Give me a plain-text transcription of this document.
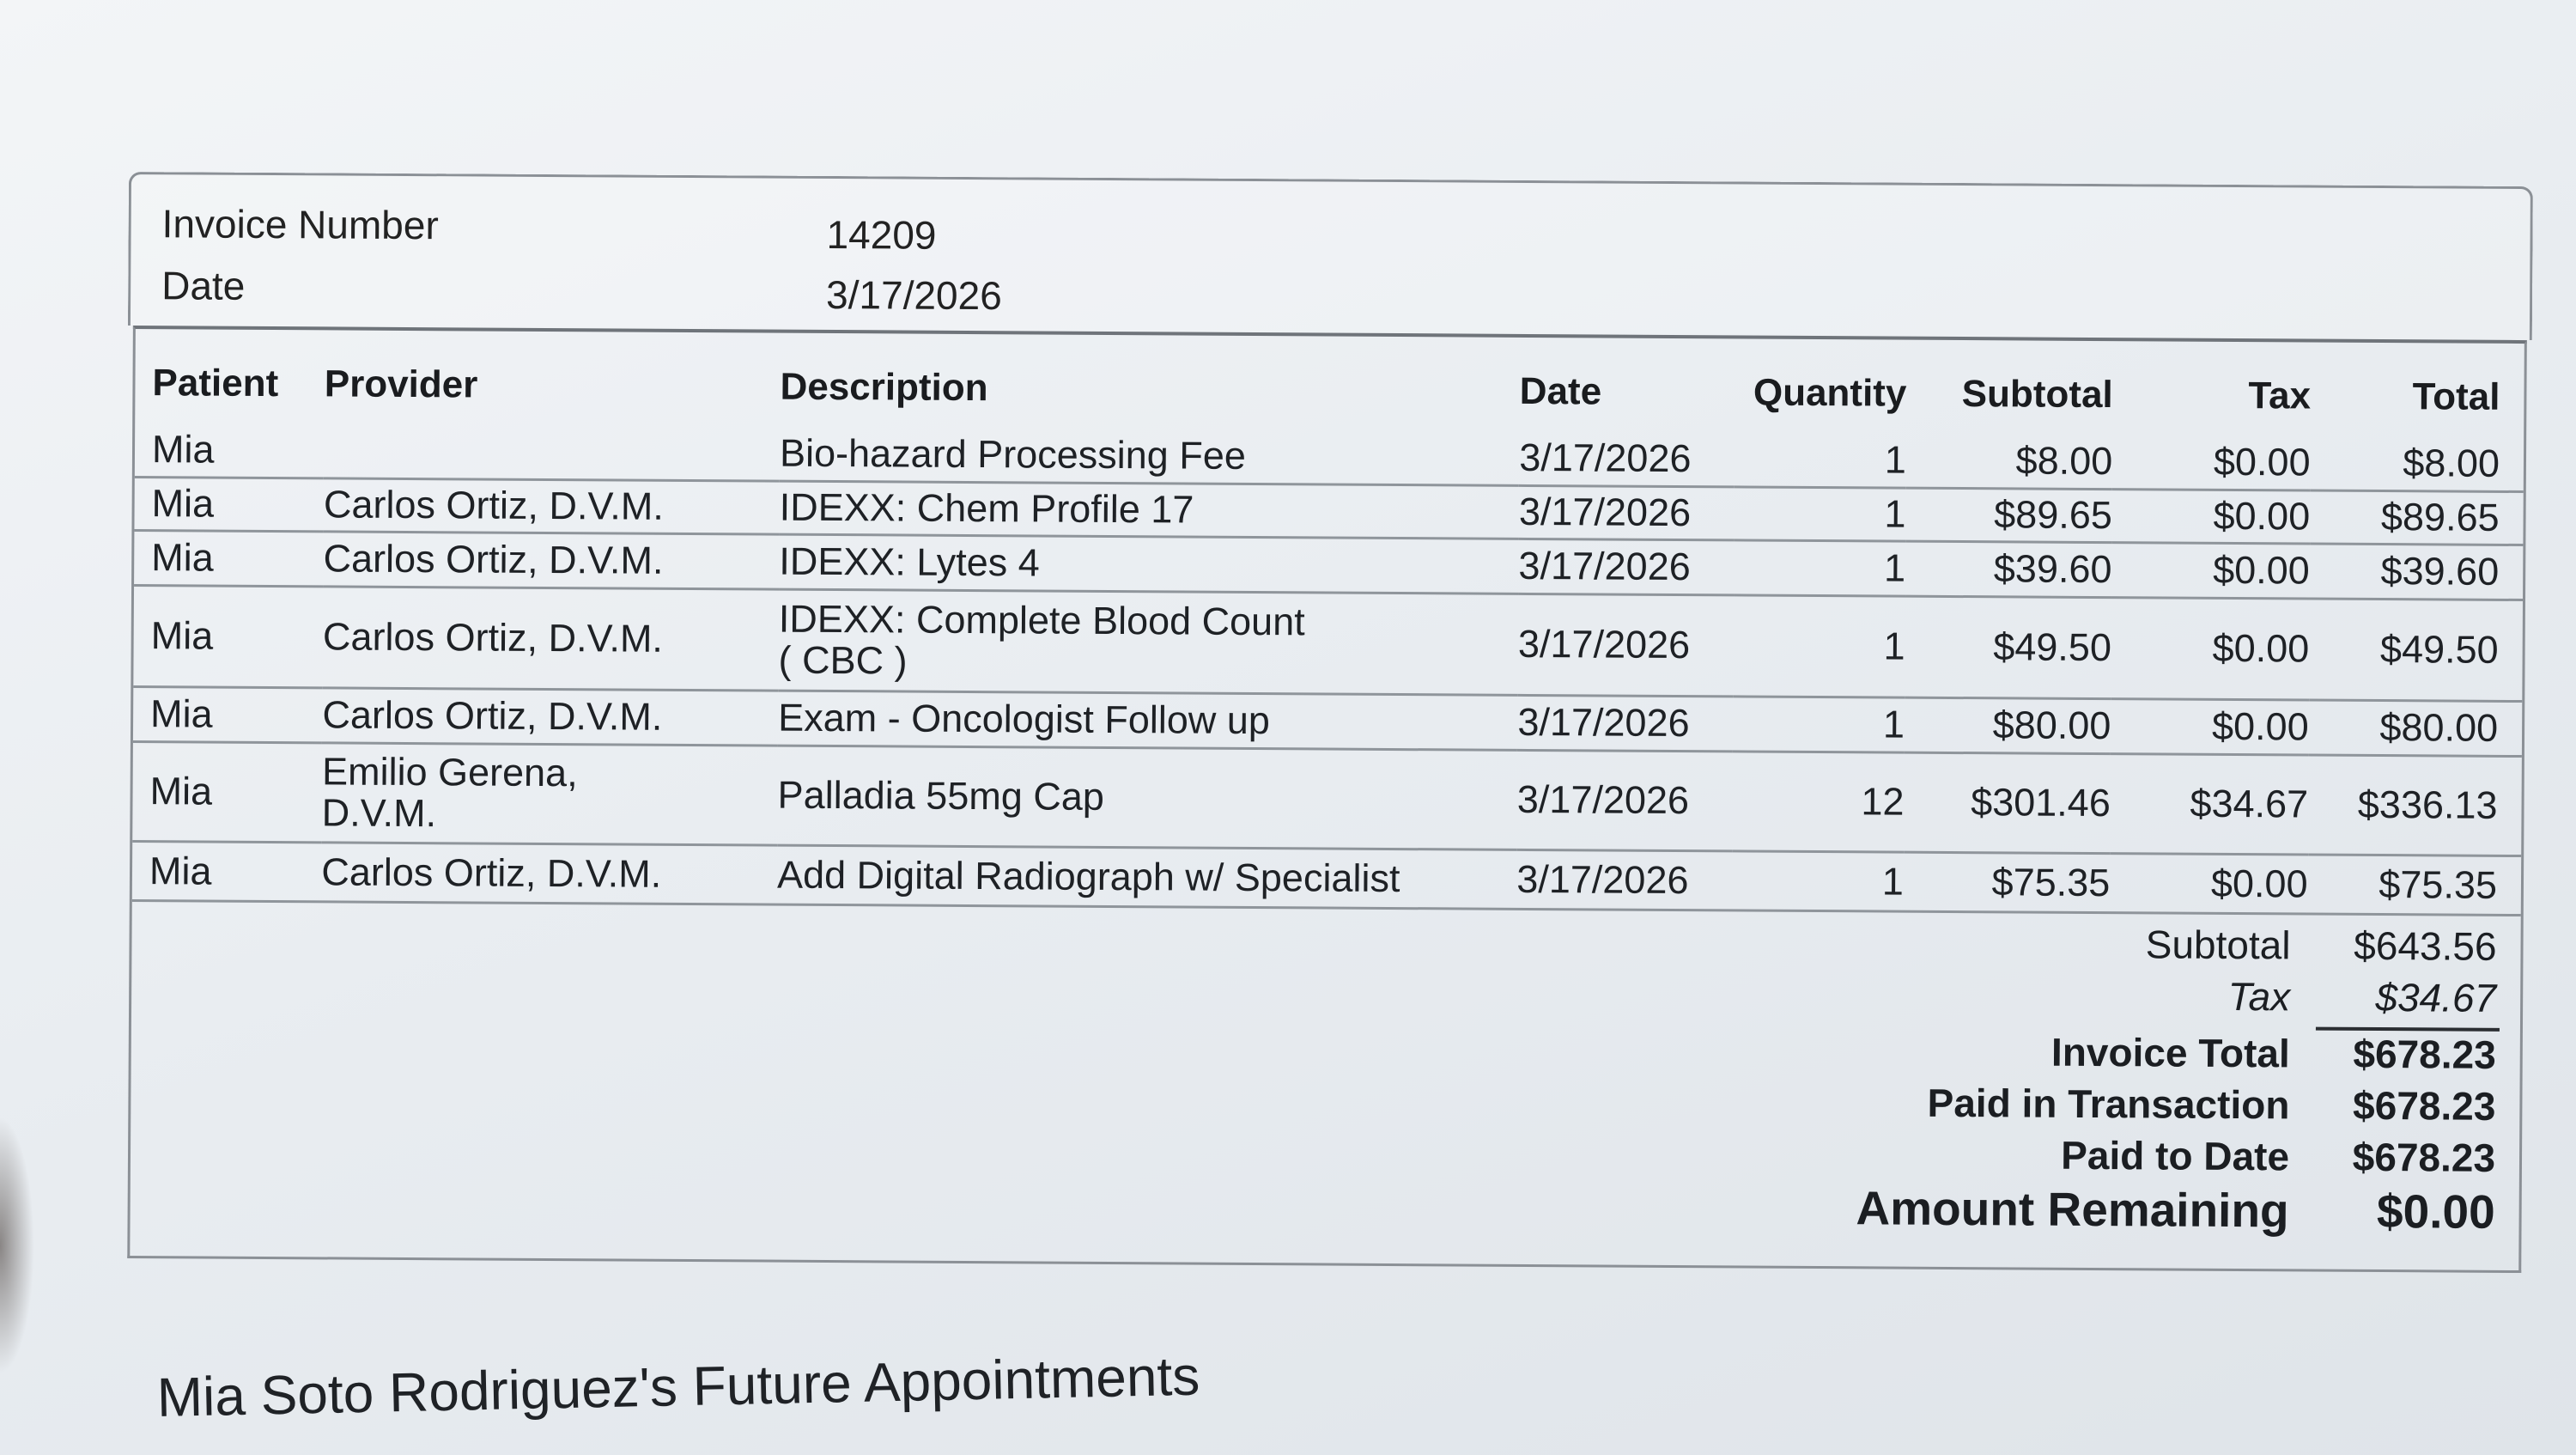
Invoice Number	14209
Date	3/17/2026
Patient	Provider	Description	Date	Quantity	Subtotal	Tax	Total
Mia		Bio-hazard Processing Fee	3/17/2026	1	$8.00	$0.00	$8.00
Mia	Carlos Ortiz, D.V.M.	IDEXX: Chem Profile 17	3/17/2026	1	$89.65	$0.00	$89.65
Mia	Carlos Ortiz, D.V.M.	IDEXX: Lytes 4	3/17/2026	1	$39.60	$0.00	$39.60
Mia	Carlos Ortiz, D.V.M.	IDEXX: Complete Blood Count ( CBC )	3/17/2026	1	$49.50	$0.00	$49.50
Mia	Carlos Ortiz, D.V.M.	Exam - Oncologist Follow up	3/17/2026	1	$80.00	$0.00	$80.00
Mia	Emilio Gerena, D.V.M.	Palladia 55mg Cap	3/17/2026	12	$301.46	$34.67	$336.13
Mia	Carlos Ortiz, D.V.M.	Add Digital Radiograph w/ Specialist	3/17/2026	1	$75.35	$0.00	$75.35
Subtotal	$643.56
Tax	$34.67
Invoice Total	$678.23
Paid in Transaction	$678.23
Paid to Date	$678.23
Amount Remaining	$0.00
Mia Soto Rodriguez's Future Appointments
